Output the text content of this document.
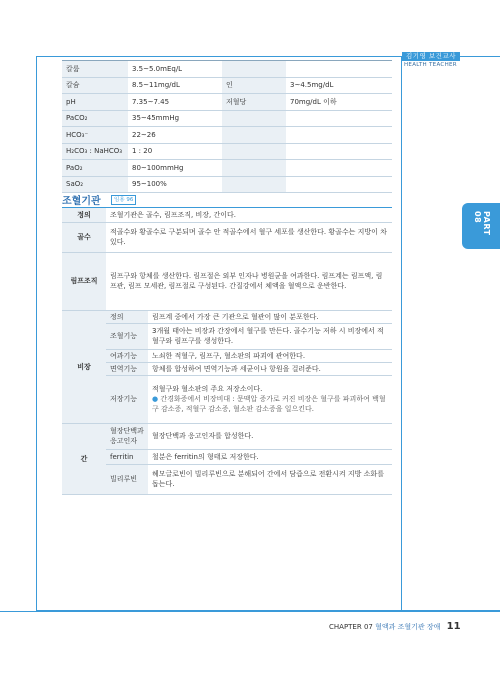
김기영 보건교사
HEALTH TEACHER
PART 08
칼륨	3.5~5.0mEq/L		
칼슘	8.5~11mg/dL	인	3~4.5mg/dL
pH	7.35~7.45	저혈당	70mg/dL 이하
PaCO₂	35~45mmHg		
HCO₃⁻	22~26		
H₂CO₃ : NaHCO₃	1 : 20		
PaO₂	80~100mmHg		
SaO₂	95~100%		
조혈기관	임용 96
정의	조혈기관은 골수, 림프조직, 비장, 간이다.	
골수	적골수와 황골수로 구분되며 골수 안 적골수에서 혈구 세포를 생산한다. 황골수는 지방이 차 있다.	
림프조직	림프구와 항체를 생산한다. 림프절은 외부 인자나 병원균을 여과한다. 림프계는 림프액, 림프관, 림프 모세관, 림프절로 구성된다. 간질강에서 체액을 혈액으로 운반한다.	
비장	정의	림프계 중에서 가장 큰 기관으로 혈관이 많이 분포한다.
	조혈기능	3개월 태아는 비장과 간장에서 혈구를 만든다. 골수기능 저하 시 비장에서 적혈구와 림프구를 생성한다.
	여과기능	노쇠한 적혈구, 림프구, 혈소판의 파괴에 관여한다.
	면역기능	항체를 합성하여 면역기능과 세균이나 항원을 걸러준다.
	저장기능	적혈구와 혈소판의 주요 저장소이다.

● 간경화증에서 비장비대 : 문맥압 증가로 커진 비장은 혈구를 파괴하여 백혈구 감소증, 적혈구 감소증, 혈소판 감소증을 일으킨다.

간	혈장단백과 응고인자	혈장단백과 응고인자를 합성한다.
	ferritin	철분은 ferritin의 형태로 저장한다.
	빌리루빈	헤모글로빈이 빌리루빈으로 분해되어 간에서 담즙으로 전환시켜 지방 소화를 돕는다.
CHAPTER 07 혈액과 조혈기관 장애 11
